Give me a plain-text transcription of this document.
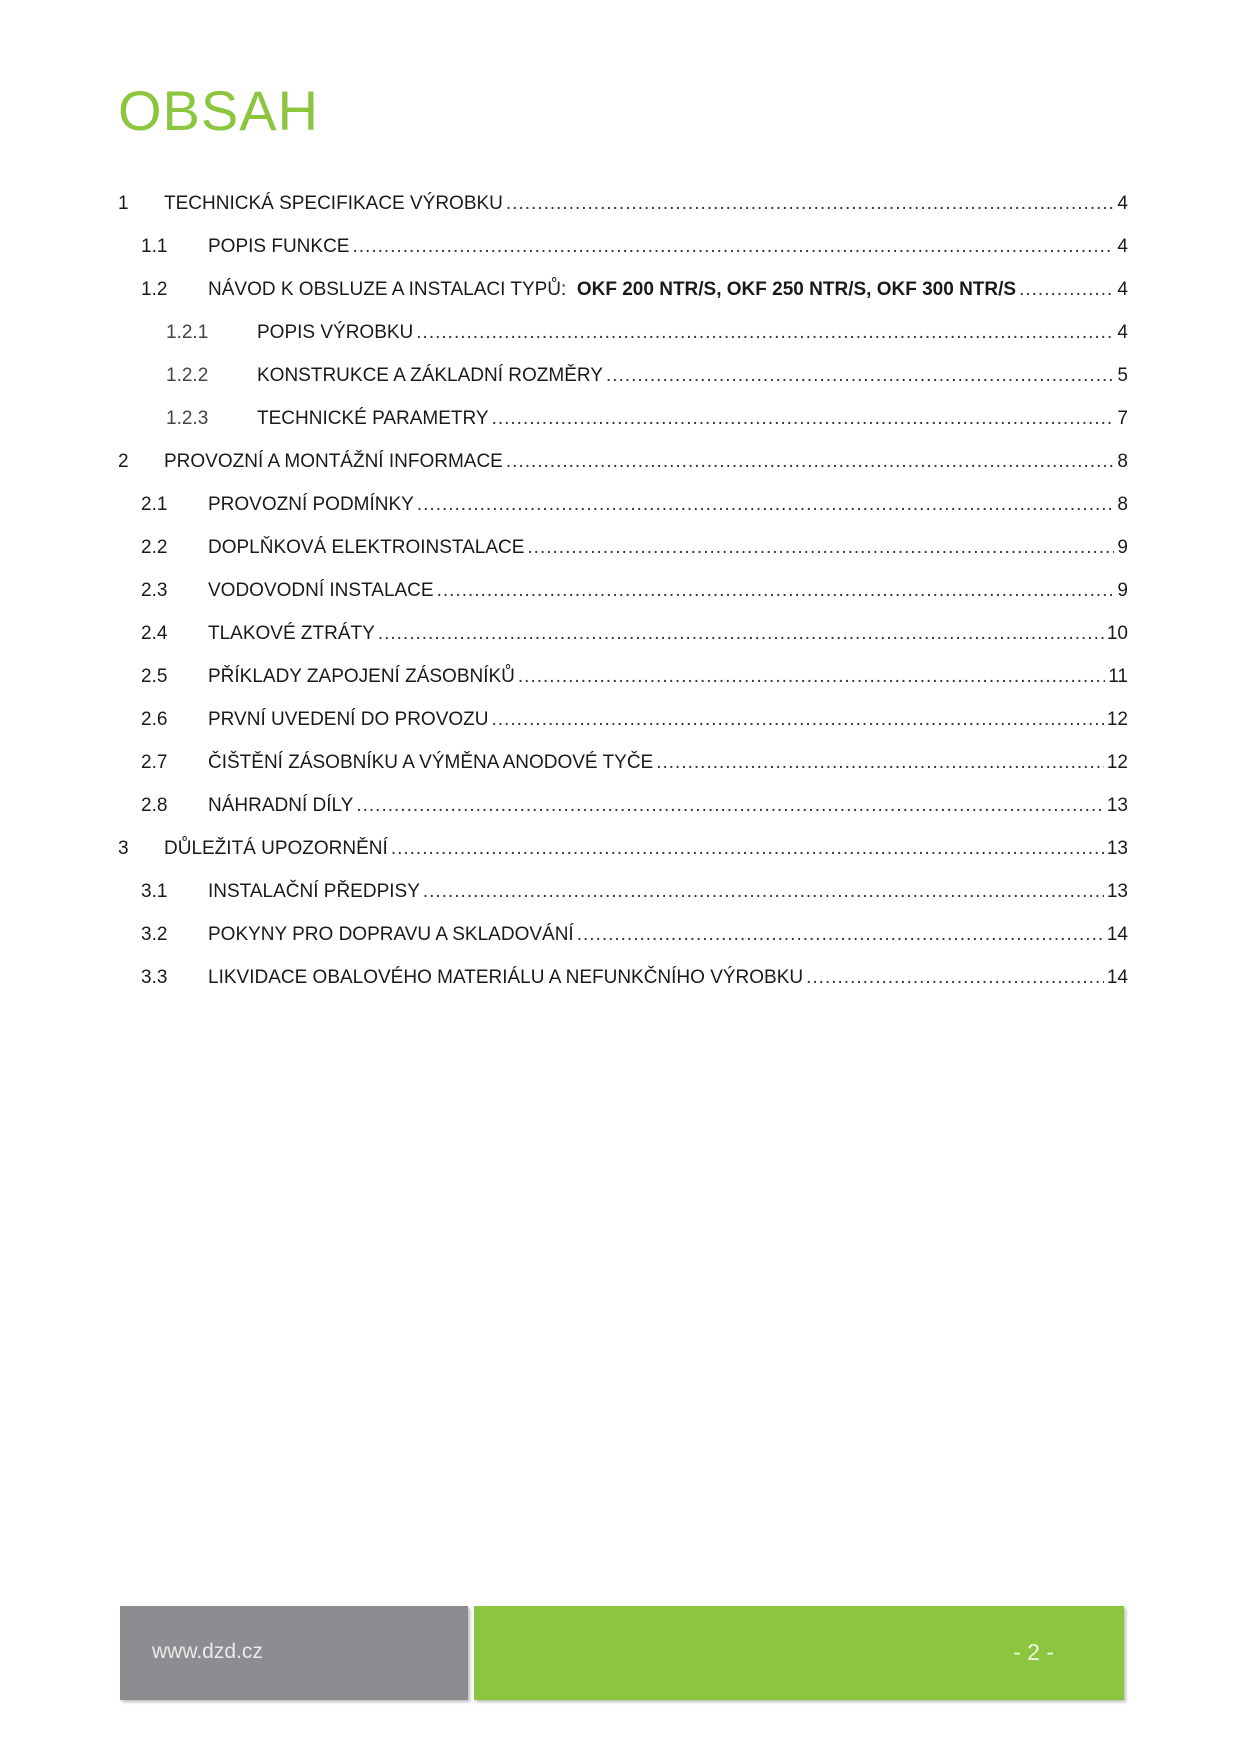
OBSAH
1 TECHNICKÁ SPECIFIKACE VÝROBKU .....	4
1.1 POPIS FUNKCE .....	4
1.2 NÁVOD K OBSLUZE A INSTALACI TYPŮ: OKF 200 NTR/S, OKF 250 NTR/S, OKF 300 NTR/S .....	4
1.2.1	POPIS VÝROBKU .....	4
1.2.2	KONSTRUKCE A ZÁKLADNÍ ROZMĚRY .....	5
1.2.3	TECHNICKÉ PARAMETRY .....	7
2 PROVOZNÍ A MONTÁŽNÍ INFORMACE .....	8
2.1 PROVOZNÍ PODMÍNKY .....	8
2.2 DOPLŇKOVÁ ELEKTROINSTALACE .....	9
2.3 VODOVODNÍ INSTALACE .....	9
2.4 TLAKOVÉ ZTRÁTY .....	10
2.5 PŘÍKLADY ZAPOJENÍ ZÁSOBNÍKŮ .....	11
2.6 PRVNÍ UVEDENÍ DO PROVOZU .....	12
2.7 ČIŠTĚNÍ ZÁSOBNÍKU A VÝMĚNA ANODOVÉ TYČE .....	12
2.8 NÁHRADNÍ DÍLY .....	13
3 DŮLEŽITÁ UPOZORNĚNÍ .....	13
3.1 INSTALAČNÍ PŘEDPISY .....	13
3.2 POKYNY PRO DOPRAVU A SKLADOVÁNÍ .....	14
3.3 LIKVIDACE OBALOVÉHO MATERIÁLU A NEFUNKČNÍHO VÝROBKU .....	14
www.dzd.cz	- 2 -
